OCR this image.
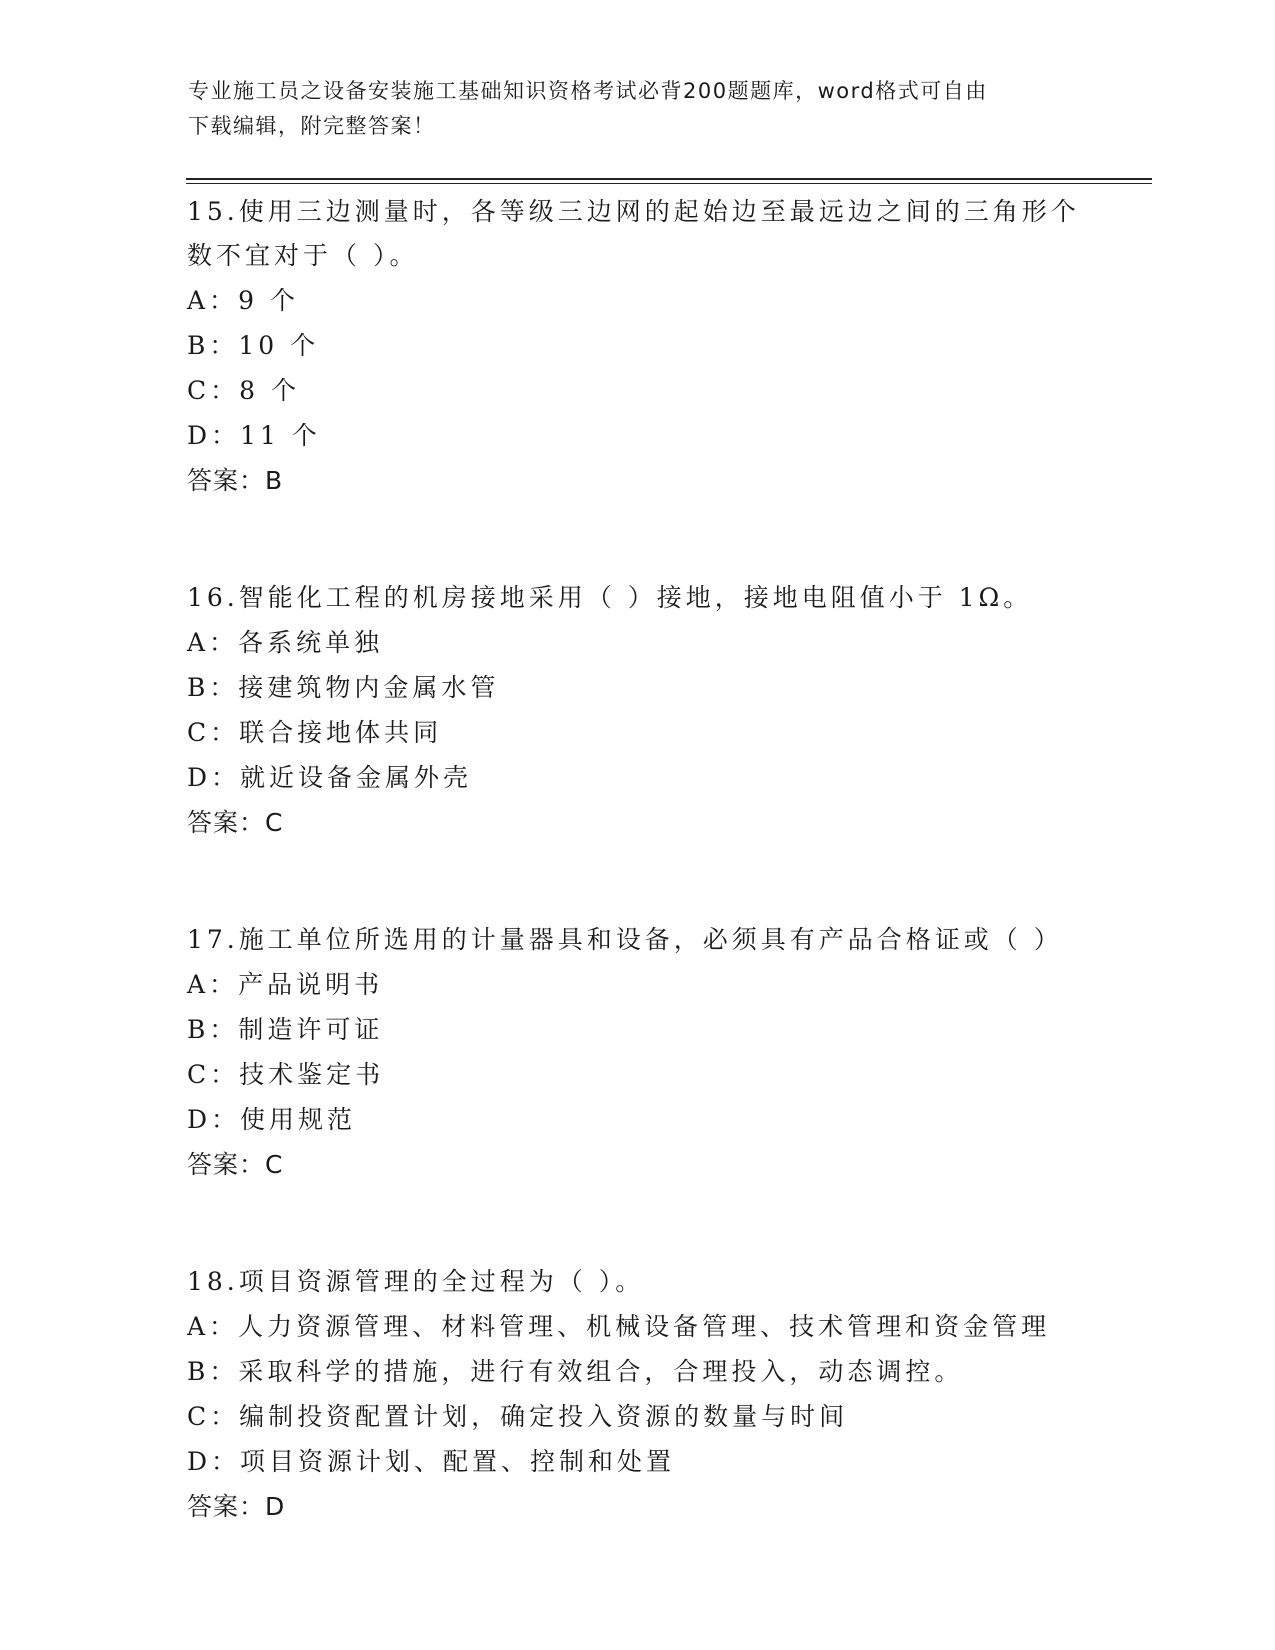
专业施工员之设备安装施工基础知识资格考试必背200题题库，word格式可自由
下载编辑，附完整答案！
15.使用三边测量时，各等级三边网的起始边至最远边之间的三角形个
数不宜对于（ ）。
A：9 个
B：10 个
C：8 个
D：11 个
答案：B
16.智能化工程的机房接地采用（ ）接地，接地电阻值小于 1Ω。
A：各系统单独
B：接建筑物内金属水管
C：联合接地体共同
D：就近设备金属外壳
答案：C
17.施工单位所选用的计量器具和设备，必须具有产品合格证或（ ）
A：产品说明书
B：制造许可证
C：技术鉴定书
D：使用规范
答案：C
18.项目资源管理的全过程为（ ）。
A：人力资源管理、材料管理、机械设备管理、技术管理和资金管理
B：采取科学的措施，进行有效组合，合理投入，动态调控。
C：编制投资配置计划，确定投入资源的数量与时间
D：项目资源计划、配置、控制和处置
答案：D
